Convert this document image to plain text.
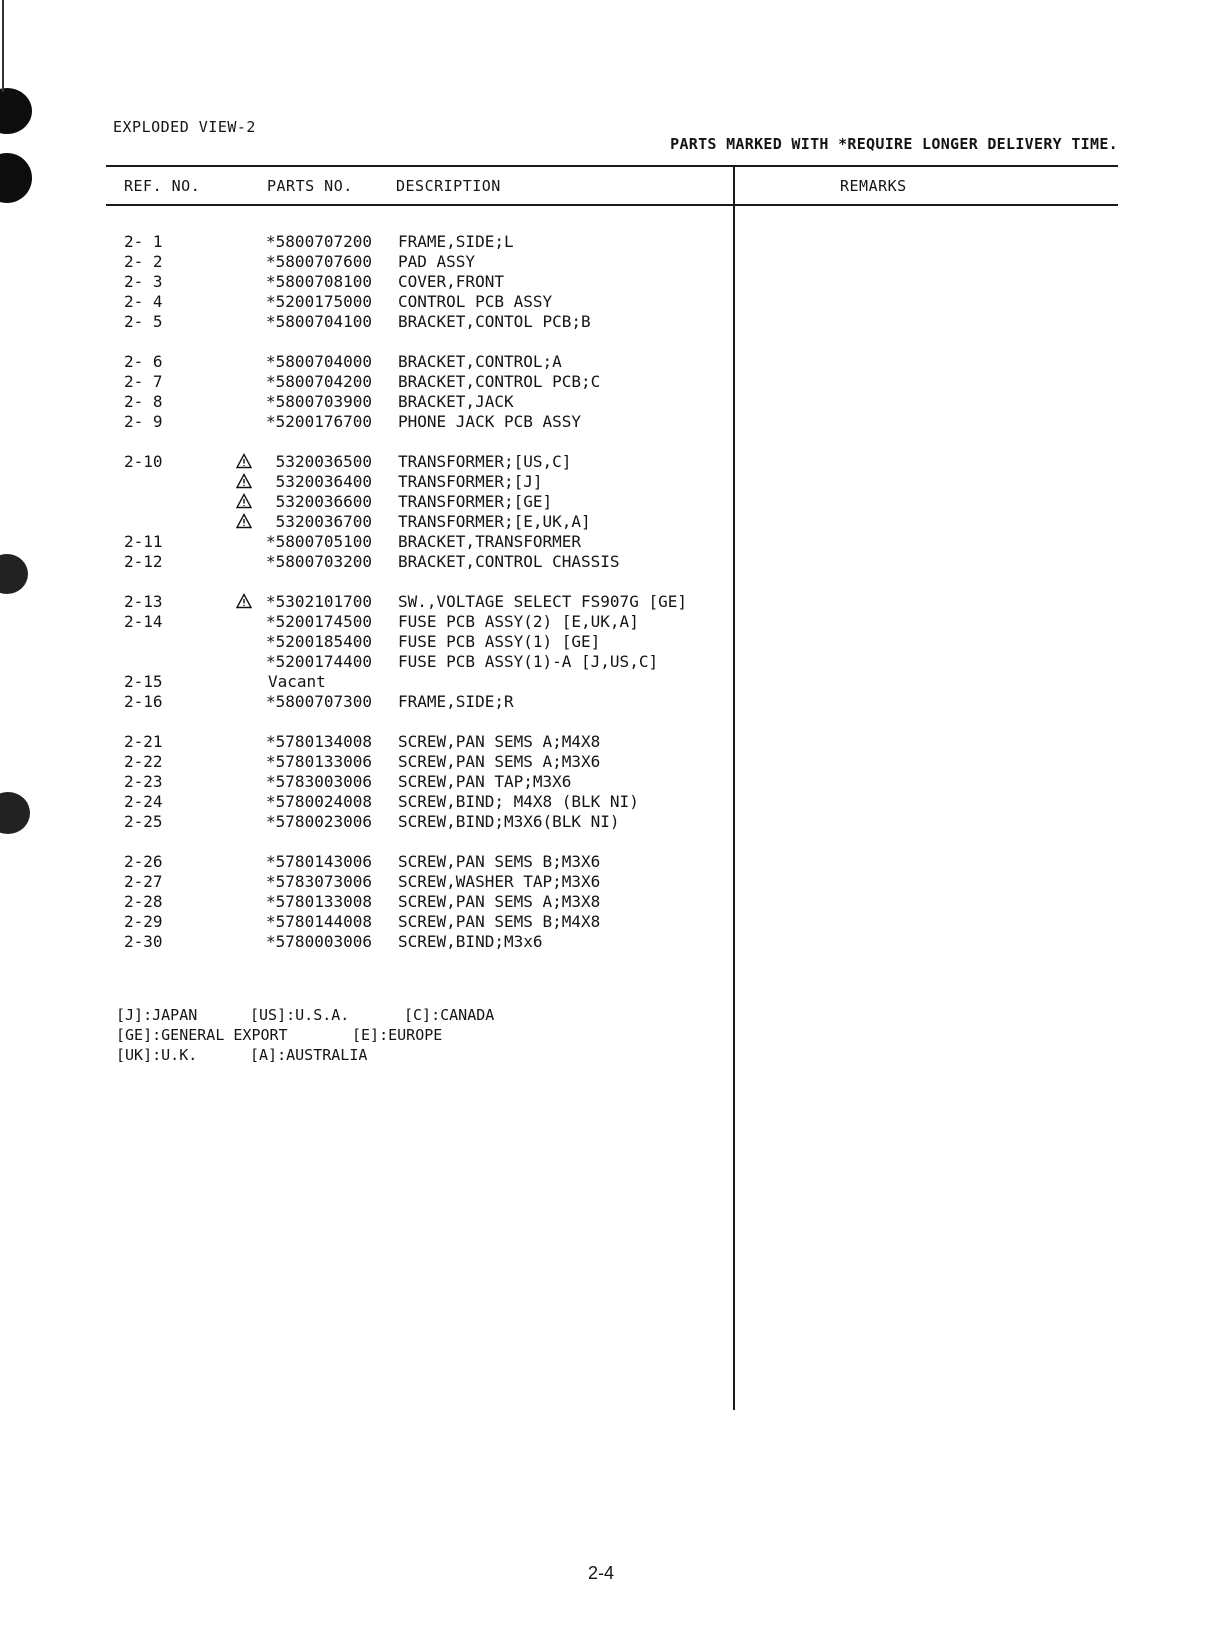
EXPLODED VIEW-2
PARTS MARKED WITH *REQUIRE LONGER DELIVERY TIME.
REF. NO.	PARTS NO.	DESCRIPTION	REMARKS
2- 1	*5800707200 FRAME,SIDE;L
2- 2	*5800707600 PAD ASSY
2- 3	*5800708100 COVER,FRONT
2- 4	*5200175000 CONTROL PCB ASSY
2- 5	*5800704100 BRACKET,CONTOL PCB;B
2- 6	*5800704000 BRACKET,CONTROL;A
2- 7	*5800704200 BRACKET,CONTROL PCB;C
2- 8	*5800703900 BRACKET,JACK
2- 9	*5200176700 PHONE JACK PCB ASSY
2-10	5320036500 TRANSFORMER;[US,C]
5320036400 TRANSFORMER;[J]
5320036600 TRANSFORMER;[GE]
5320036700 TRANSFORMER;[E,UK,A]
2-11	*5800705100 BRACKET,TRANSFORMER
2-12	*5800703200 BRACKET,CONTROL CHASSIS
2-13	*5302101700 SW.,VOLTAGE SELECT FS907G [GE]
2-14	*5200174500 FUSE PCB ASSY(2) [E,UK,A]
*5200185400 FUSE PCB ASSY(1) [GE]
*5200174400 FUSE PCB ASSY(1)-A [J,US,C]
2-15	Vacant
2-16	*5800707300 FRAME,SIDE;R
2-21	*5780134008 SCREW,PAN SEMS A;M4X8
2-22	*5780133006 SCREW,PAN SEMS A;M3X6
2-23	*5783003006 SCREW,PAN TAP;M3X6
2-24	*5780024008 SCREW,BIND; M4X8 (BLK NI)
2-25	*5780023006 SCREW,BIND;M3X6(BLK NI)
2-26	*5780143006 SCREW,PAN SEMS B;M3X6
2-27	*5783073006 SCREW,WASHER TAP;M3X6
2-28	*5780133008 SCREW,PAN SEMS A;M3X8
2-29	*5780144008 SCREW,PAN SEMS B;M4X8
2-30	*5780003006 SCREW,BIND;M3x6
[J]:JAPAN	[US]:U.S.A.	[C]:CANADA
[GE]:GENERAL EXPORT	[E]:EUROPE
[UK]:U.K.	[A]:AUSTRALIA
2-4
